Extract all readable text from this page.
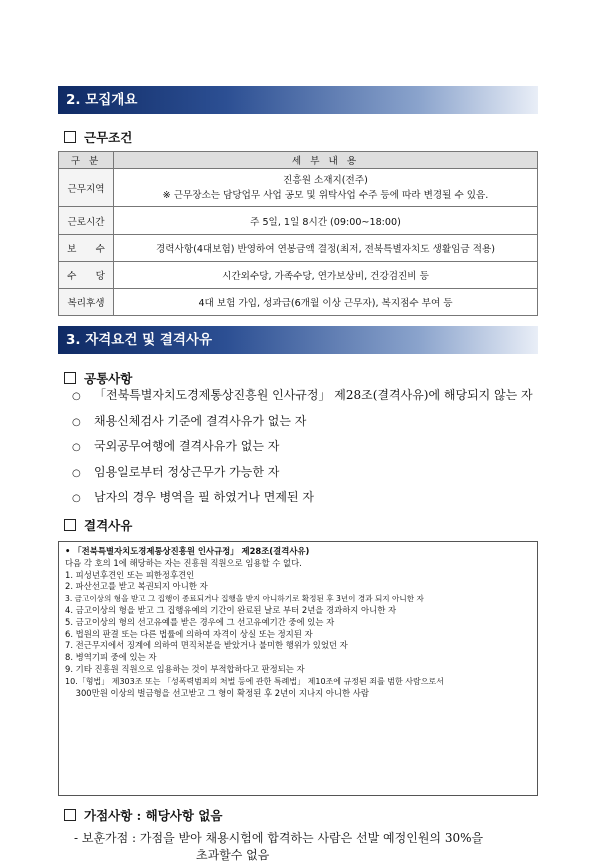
2. 모집개요
근무조건
구 분	세 부 내 용
근무지역	진흥원 소재지(전주)
※ 근무장소는 담당업무 사업 공모 및 위탁사업 수주 등에 따라 변경될 수 있음.

근로시간	주 5일, 1일 8시간 (09:00~18:00)
보　　수	경력사항(4대보험) 반영하여 연봉금액 결정(최저, 전북특별자치도 생활임금 적용)
수　　당	시간외수당, 가족수당, 연가보상비, 건강검진비 등
복리후생	4대 보험 가입, 성과급(6개월 이상 근무자), 복지점수 부여 등
3. 자격요건 및 결격사유
공통사항
○ 「전북특별자치도경제통상진흥원 인사규정」 제28조(결격사유)에 해당되지 않는 자
○ 채용신체검사 기준에 결격사유가 없는 자
○ 국외공무여행에 결격사유가 없는 자
○ 임용일로부터 정상근무가 가능한 자
○ 남자의 경우 병역을 필 하였거나 면제된 자
결격사유
• 「전북특별자치도경제통상진흥원 인사규정」 제28조(결격사유)
다음 각 호의 1에 해당하는 자는 진흥원 직원으로 임용할 수 없다.
1. 피성년후견인 또는 피한정후견인
2. 파산선고를 받고 복권되지 아니한 자
3. 금고이상의 형을 받고 그 집행이 종료되거나 집행을 받지 아니하기로 확정된 후 3년이 경과 되지 아니한 자
4. 금고이상의 형을 받고 그 집행유예의 기간이 완료된 날로 부터 2년을 경과하지 아니한 자
5. 금고이상의 형의 선고유예를 받은 경우에 그 선고유예기간 중에 있는 자
6. 법원의 판결 또는 다른 법률에 의하여 자격이 상실 또는 정지된 자
7. 전근무지에서 징계에 의하여 면직처분을 받았거나 불미한 행위가 있었던 자
8. 병역기피 중에 있는 자
9. 기타 진흥원 직원으로 임용하는 것이 부적합하다고 판정되는 자
10.「형법」 제303조 또는 「성폭력범죄의 처벌 등에 관한 특례법」 제10조에 규정된 죄를 범한 사람으로서
300만원 이상의 벌금형을 선고받고 그 형이 확정된 후 2년이 지나지 아니한 사람
가점사항 : 해당사항 없음
- 보훈가점 : 가점을 받아 채용시험에 합격하는 사람은 선발 예정인원의 30%을
초과할수 없음
